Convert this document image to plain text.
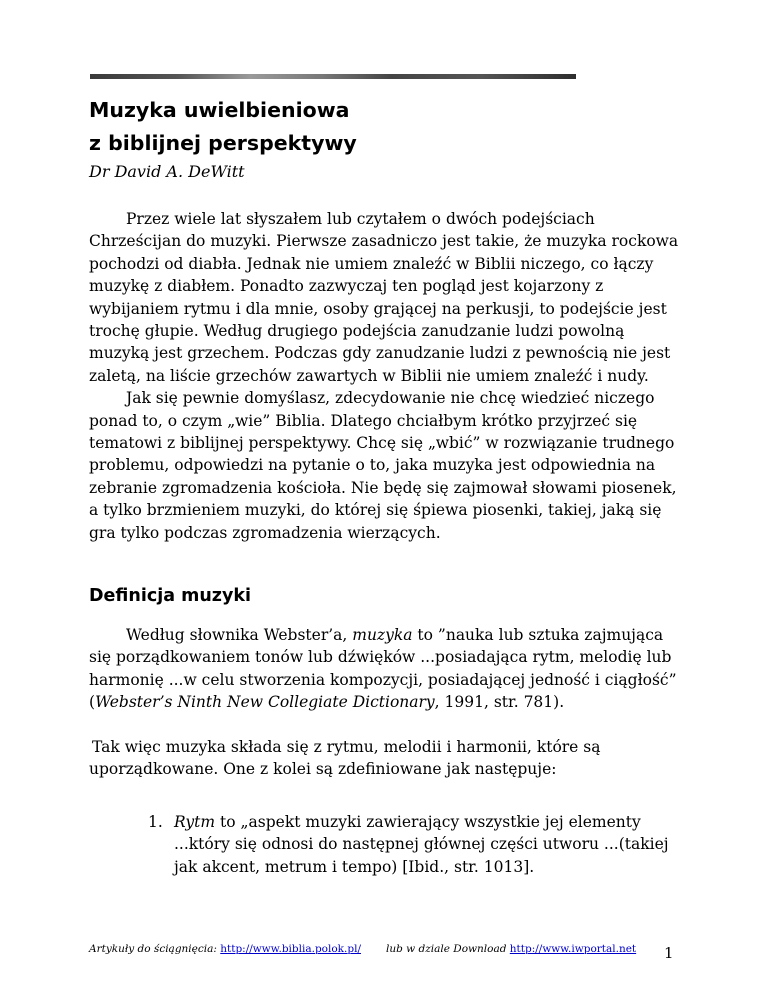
Muzyka uwielbieniowa
z biblijnej perspektywy
Dr David A. DeWitt

Przez wiele lat słyszałem lub czytałem o dwóch podejściach Chrześcijan do muzyki. Pierwsze zasadniczo jest takie, że muzyka rockowa pochodzi od diabła. Jednak nie umiem znaleźć w Biblii niczego, co łączy muzykę z diabłem. Ponadto zazwyczaj ten pogląd jest kojarzony z wybijaniem rytmu i dla mnie, osoby grającej na perkusji, to podejście jest trochę głupie. Według drugiego podejścia zanudzanie ludzi powolną muzyką jest grzechem. Podczas gdy zanudzanie ludzi z pewnością nie jest zaletą, na liście grzechów zawartych w Biblii nie umiem znaleźć i nudy.

Jak się pewnie domyślasz, zdecydowanie nie chcę wiedzieć niczego ponad to, o czym „wie” Biblia. Dlatego chciałbym krótko przyjrzeć się tematowi z biblijnej perspektywy. Chcę się „wbić” w rozwiązanie trudnego problemu, odpowiedzi na pytanie o to, jaka muzyka jest odpowiednia na zebranie zgromadzenia kościoła. Nie będę się zajmował słowami piosenek, a tylko brzmieniem muzyki, do której się śpiewa piosenki, takiej, jaką się gra tylko podczas zgromadzenia wierzących.

Definicja muzyki

Według słownika Webster’a, muzyka to ”nauka lub sztuka zajmująca się porządkowaniem tonów lub dźwięków ...posiadająca rytm, melodię lub harmonię ...w celu stworzenia kompozycji, posiadającej jedność i ciągłość” (Webster’s Ninth New Collegiate Dictionary, 1991, str. 781).

Tak więc muzyka składa się z rytmu, melodii i harmonii, które są uporządkowane. One z kolei są zdefiniowane jak następuje:

1. Rytm to „aspekt muzyki zawierający wszystkie jej elementy ...który się odnosi do następnej głównej części utworu ...(takiej jak akcent, metrum i tempo) [Ibid., str. 1013].
Artykuły do ściągnięcia: http://www.biblia.polok.pl/ lub w dziale Download http://www.iwportal.net 1
